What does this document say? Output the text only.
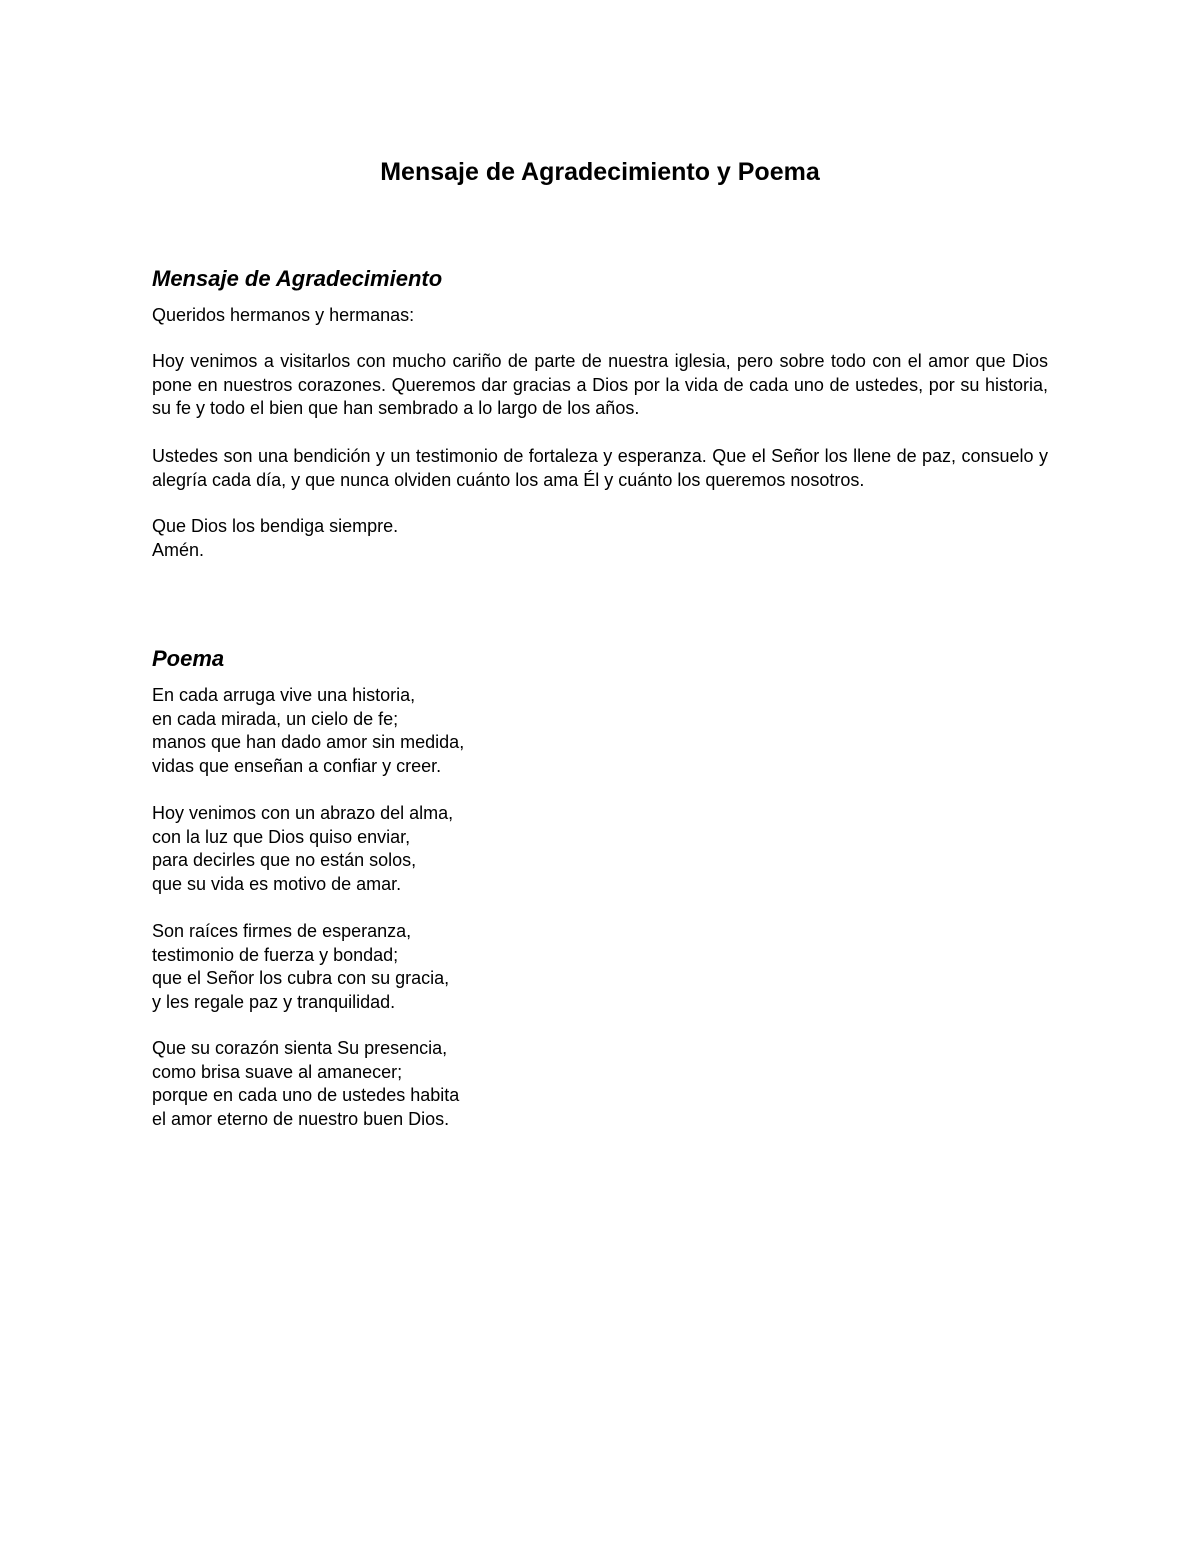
Mensaje de Agradecimiento y Poema
Mensaje de Agradecimiento

Queridos hermanos y hermanas:

Hoy venimos a visitarlos con mucho cariño de parte de nuestra iglesia, pero sobre todo con el amor que Dios pone en nuestros corazones. Queremos dar gracias a Dios por la vida de cada uno de ustedes, por su historia, su fe y todo el bien que han sembrado a lo largo de los años.

Ustedes son una bendición y un testimonio de fortaleza y esperanza. Que el Señor los llene de paz, consuelo y alegría cada día, y que nunca olviden cuánto los ama Él y cuánto los queremos nosotros.

Que Dios los bendiga siempre.
Amén.

Poema

En cada arruga vive una historia,
en cada mirada, un cielo de fe;
manos que han dado amor sin medida,
vidas que enseñan a confiar y creer.

Hoy venimos con un abrazo del alma,
con la luz que Dios quiso enviar,
para decirles que no están solos,
que su vida es motivo de amar.

Son raíces firmes de esperanza,
testimonio de fuerza y bondad;
que el Señor los cubra con su gracia,
y les regale paz y tranquilidad.

Que su corazón sienta Su presencia,
como brisa suave al amanecer;
porque en cada uno de ustedes habita
el amor eterno de nuestro buen Dios.
